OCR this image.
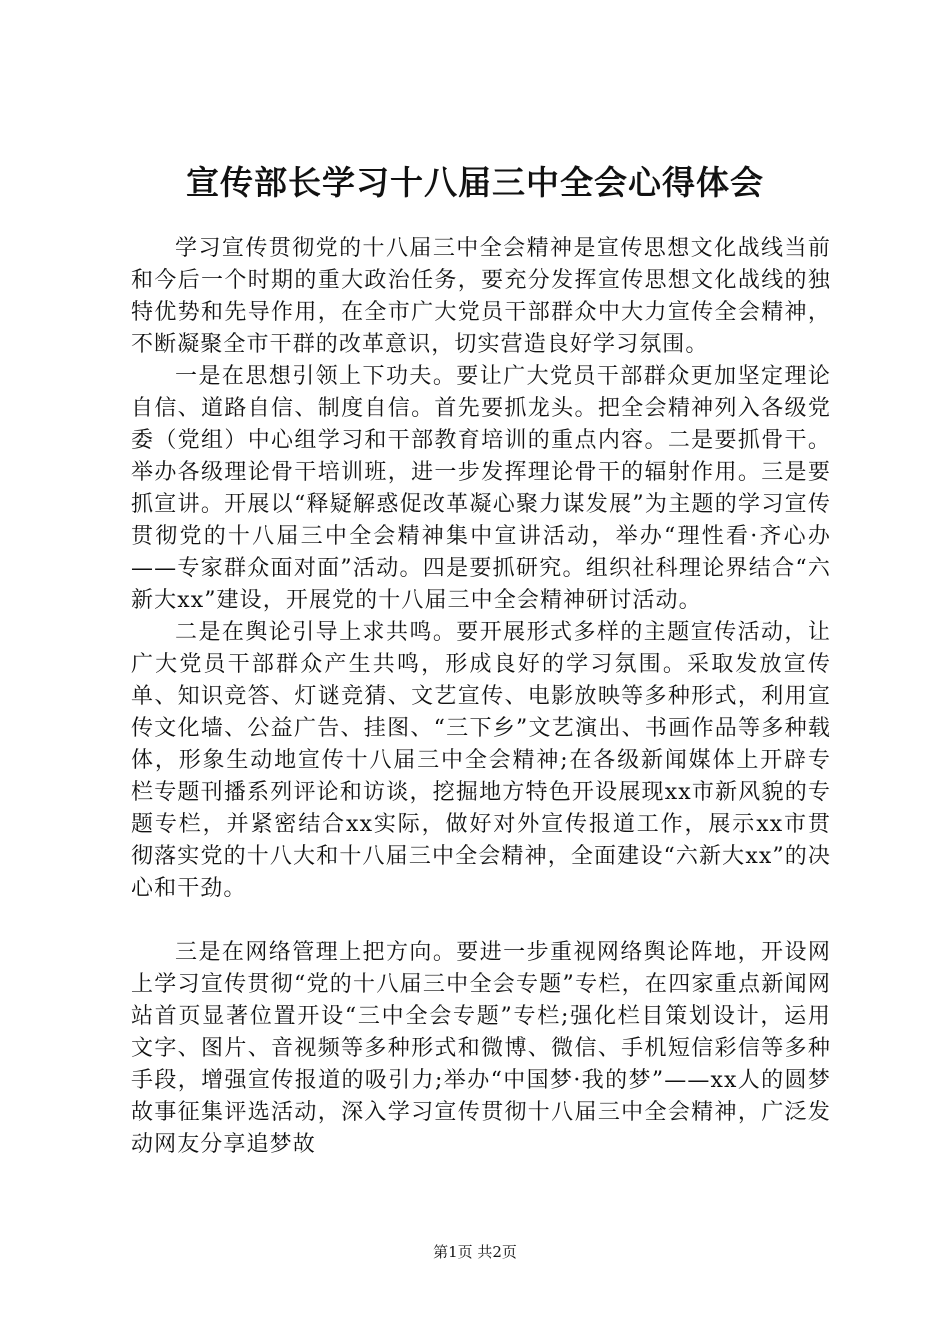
宣传部长学习十八届三中全会心得体会

学习宣传贯彻党的十八届三中全会精神是宣传思想文化战线当前和今后一个时期的重大政治任务，要充分发挥宣传思想文化战线的独特优势和先导作用，在全市广大党员干部群众中大力宣传全会精神，不断凝聚全市干群的改革意识，切实营造良好学习氛围。

一是在思想引领上下功夫。要让广大党员干部群众更加坚定理论自信、道路自信、制度自信。首先要抓龙头。把全会精神列入各级党委（党组）中心组学习和干部教育培训的重点内容。二是要抓骨干。举办各级理论骨干培训班，进一步发挥理论骨干的辐射作用。三是要抓宣讲。开展以“释疑解惑促改革凝心聚力谋发展”为主题的学习宣传贯彻党的十八届三中全会精神集中宣讲活动，举办“理性看·齐心办——专家群众面对面”活动。四是要抓研究。组织社科理论界结合“六新大xx”建设，开展党的十八届三中全会精神研讨活动。

二是在舆论引导上求共鸣。要开展形式多样的主题宣传活动，让广大党员干部群众产生共鸣，形成良好的学习氛围。采取发放宣传单、知识竞答、灯谜竞猜、文艺宣传、电影放映等多种形式，利用宣传文化墙、公益广告、挂图、“三下乡”文艺演出、书画作品等多种载体，形象生动地宣传十八届三中全会精神;在各级新闻媒体上开辟专栏专题刊播系列评论和访谈，挖掘地方特色开设展现xx市新风貌的专题专栏，并紧密结合xx实际，做好对外宣传报道工作，展示xx市贯彻落实党的十八大和十八届三中全会精神，全面建设“六新大xx”的决心和干劲。

三是在网络管理上把方向。要进一步重视网络舆论阵地，开设网上学习宣传贯彻“党的十八届三中全会专题”专栏，在四家重点新闻网站首页显著位置开设“三中全会专题”专栏;强化栏目策划设计，运用文字、图片、音视频等多种形式和微博、微信、手机短信彩信等多种手段，增强宣传报道的吸引力;举办“中国梦·我的梦”——xx人的圆梦故事征集评选活动，深入学习宣传贯彻十八届三中全会精神，广泛发动网友分享追梦故

第1页 共2页
